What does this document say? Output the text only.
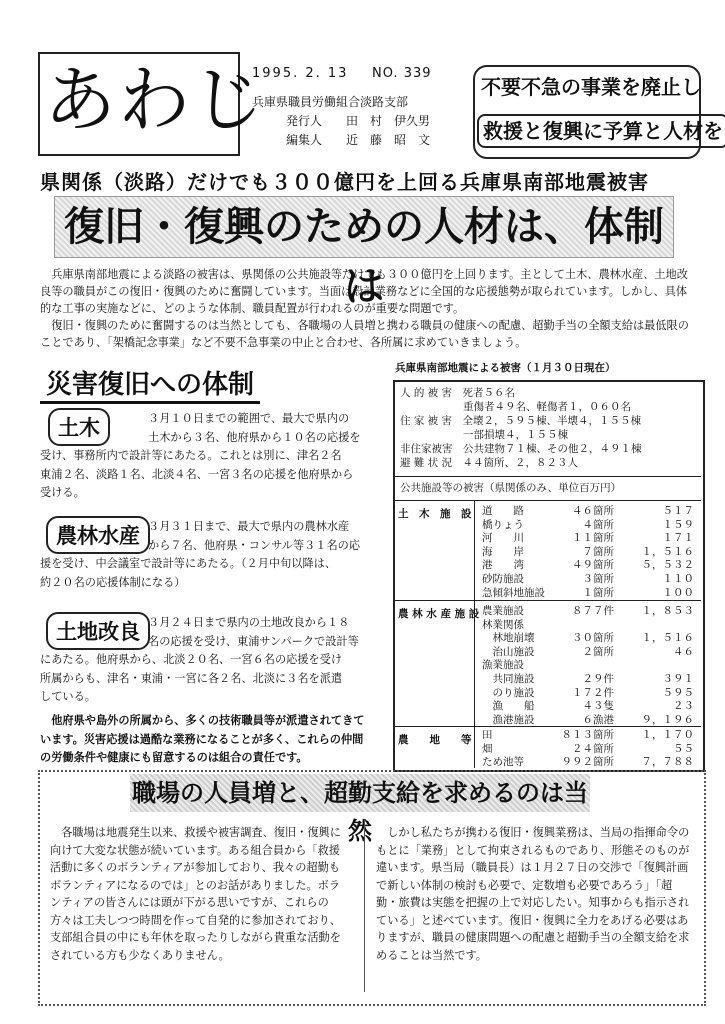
あわじ
1995. 2. 13 NO. 339
兵庫県職員労働組合淡路支部
発行人　　田　村　伊久男
編集人　　近　藤　昭　文
不要不急の事業を廃止し
救援と復興に予算と人材を
県関係（淡路）だけでも３００億円を上回る兵庫県南部地震被害
復旧・復興のための人材は、体制は

兵庫県南部地震による淡路の被害は、県関係の公共施設等だけでも３００億円を上回ります。主として土木、農林水産、土地改良等の職員がこの復旧・復興のために奮闘しています。当面は設計業務などに全国的な応援態勢が取られています。しかし、具体的な工事の実施などに、どのような体制、職員配置が行われるのが重要な問題です。

復旧・復興のために奮闘するのは当然としても、各職場の人員増と携わる職員の健康への配慮、超勤手当の全額支給は最低限のことであり、「架橋記念事業」など不要不急事業の中止と合わせ、各所属に求めていきましょう。

災害復旧への体制
土木	３月１０日までの範囲で、最大で県内の
土木から３名、他府県から１０名の応援を
受け、事務所内で設計等にあたる。これとは別に、津名２名
東浦２名、淡路１名、北淡４名、一宮３名の応援を他府県から
受ける。
農林水産 ３月３１日まで、最大で県内の農林水産
から７名、他府県・コンサル等３１名の応
援を受け、中会議室で設計等にあたる。（２月中旬以降は、
約２０名の応援体制になる）
土地改良 ３月２４日まで県内の土地改良から１８
名の応援を受け、東浦サンパークで設計等
にあたる。他府県から、北淡２０名、一宮６名の応援を受け
所属からも、津名・東浦・一宮に各２名、北淡に３名を派遣
している。

他府県や島外の所属から、多くの技術職員等が派遣されてきています。災害応援は過酷な業務になることが多く、これらの仲間の労働条件や健康にも留意するのは組合の責任です。

兵庫県南部地震による被害（１月３０日現在）
人 的 被 害　死者５６名
　　　　　　重傷者４９名、軽傷者１，０６０名
住 家 被 害　全壊２，５９５棟、半壊４，１５５棟
　　　　　　一部損壊４，１５５棟
非住家被害　公共建物７１棟、その他２，４９１棟
避 難 状 況　４４箇所、２，８２３人
公共施設等の被害（県関係のみ、単位百万円）
土　木　施　設 道　　路	４６箇所	５１７
橋りょう	４箇所	１５９
河　　川	１１箇所	１７１
海　　岸	７箇所	１，５１６
港　　湾	４９箇所	５，５３２
砂防施設	３箇所	１１０
急傾斜地施設	１箇所	１００
農 林 水 産 施 設 農業施設	８７７件	１，８５３
林業関係
　林地崩壊	３０箇所	１，５１６
　治山施設	２箇所	４６
漁業施設
　共同施設	２９件	３９１
　のり施設	１７２件	５９５
　漁　　船	４３隻	２３
　漁港施設	６漁港	９，１９６
農　　地　　等 田	８１３箇所	１，１７０
畑	２４箇所	５５
ため池等	９９２箇所	７，７８８
職場の人員増と、超勤支給を求めるのは当然

各職場は地震発生以来、救援や被害調査、復旧・復興に向けて大変な状態が続いています。ある組合員から「救援活動に多くのボランティアが参加しており、我々の超勤もボランティアになるのでは」とのお話がありました。ボランティアの皆さんには頭が下がる思いですが、これらの方々は工夫しつつ時間を作って自発的に参加されており、支部組合員の中にも年休を取ったりしながら貴重な活動をされている方も少なくありません。

しかし私たちが携わる復旧・復興業務は、当局の指揮命令のもとに「業務」として拘束されるものであり、形態そのものが違います。県当局（職員長）は１月２７日の交渉で「復興計画で新しい体制の検討も必要で、定数増も必要であろう」「超勤・旅費は実態を把握の上で対応したい。知事からも指示されている」と述べています。復旧・復興に全力をあげる必要はありますが、職員の健康問題への配慮と超勤手当の全額支給を求めることは当然です。
